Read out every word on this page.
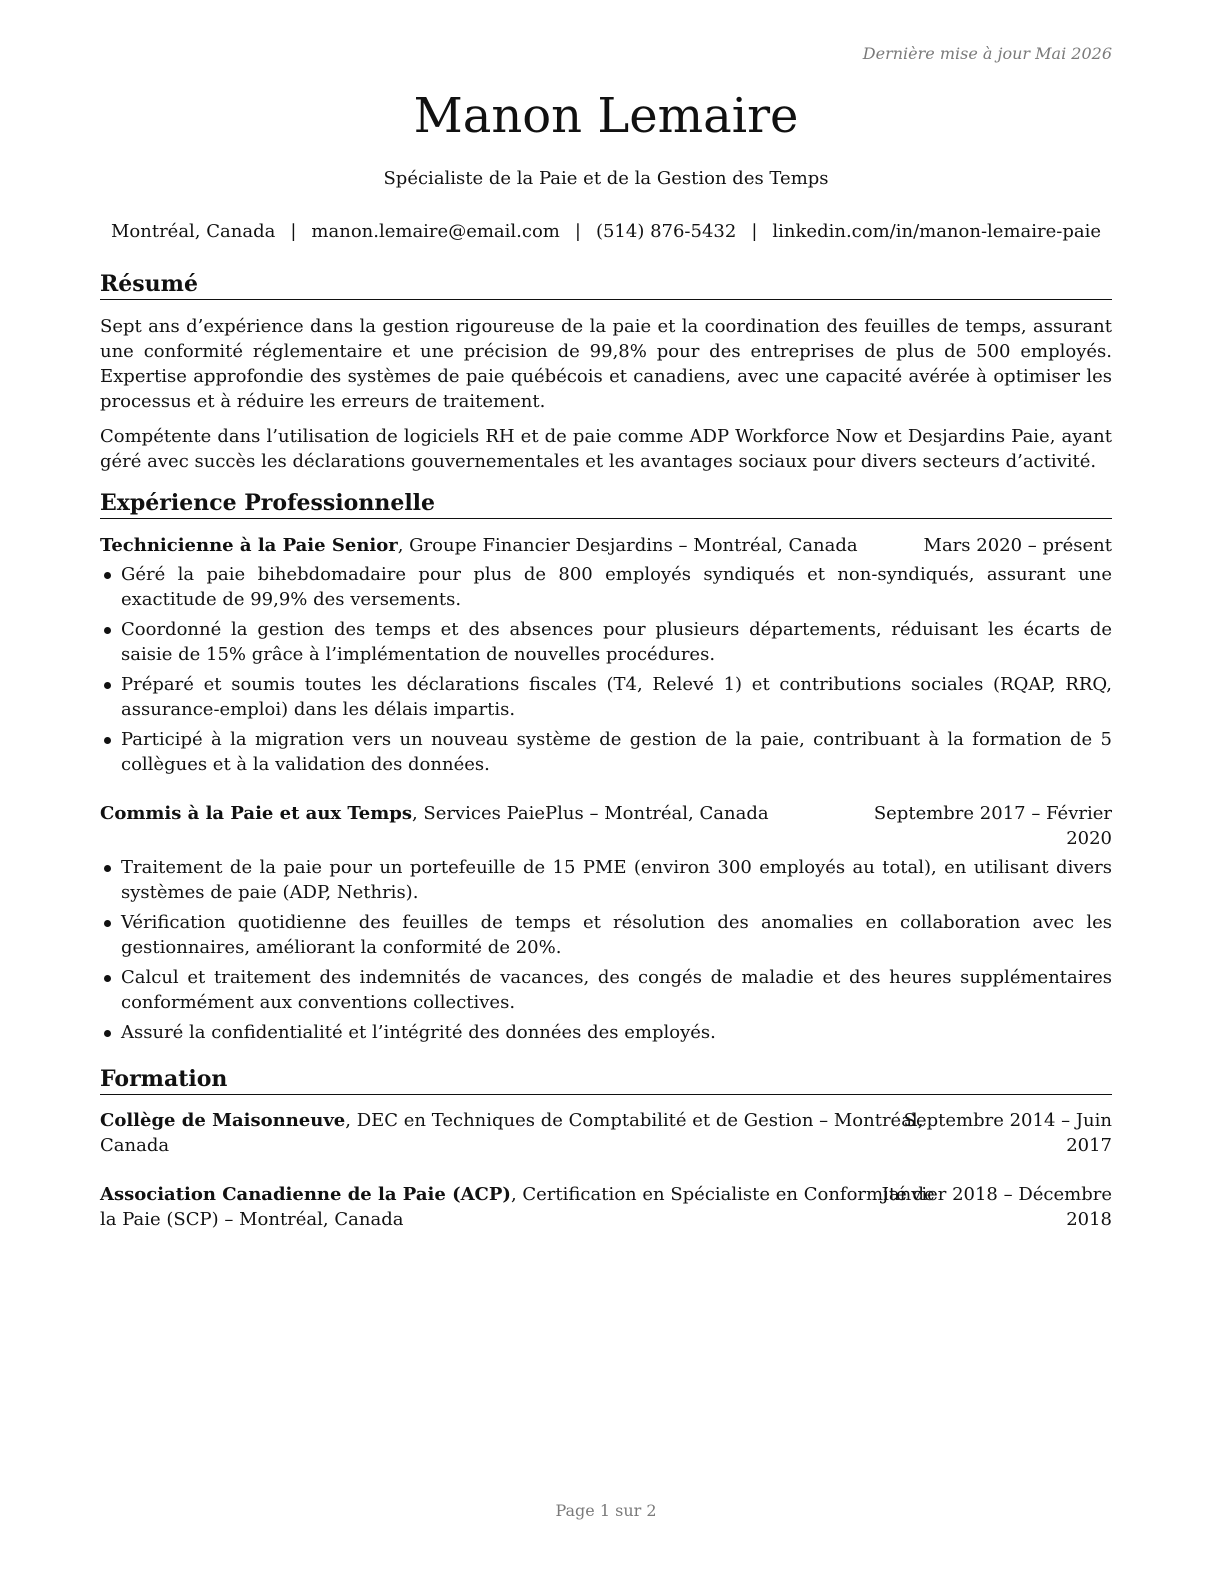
Dernière mise à jour Mai 2026
Manon Lemaire
Spécialiste de la Paie et de la Gestion des Temps
Montréal, Canada | manon.lemaire@email.com | (514) 876-5432 | linkedin.com/in/manon-lemaire-paie
Résumé
Sept ans d’expérience dans la gestion rigoureuse de la paie et la coordination des feuilles de temps, assurant une conformité réglementaire et une précision de 99,8% pour des entreprises de plus de 500 employés. Expertise approfondie des systèmes de paie québécois et canadiens, avec une capacité avérée à optimiser les processus et à réduire les erreurs de traitement.
Compétente dans l’utilisation de logiciels RH et de paie comme ADP Workforce Now et Desjardins Paie, ayant géré avec succès les déclarations gouvernementales et les avantages sociaux pour divers secteurs d’activité.
Expérience Professionnelle
Technicienne à la Paie Senior, Groupe Financier Desjardins – Montréal, Canada	Mars 2020 – présent
Géré la paie bihebdomadaire pour plus de 800 employés syndiqués et non-syndiqués, assurant une exactitude de 99,9% des versements.
Coordonné la gestion des temps et des absences pour plusieurs départements, réduisant les écarts de saisie de 15% grâce à l’implémentation de nouvelles procédures.
Préparé et soumis toutes les déclarations fiscales (T4, Relevé 1) et contributions sociales (RQAP, RRQ, assurance-emploi) dans les délais impartis.
Participé à la migration vers un nouveau système de gestion de la paie, contribuant à la formation de 5 collègues et à la validation des données.
Commis à la Paie et aux Temps, Services PaiePlus – Montréal, Canada	Septembre 2017 – Février
2020
Traitement de la paie pour un portefeuille de 15 PME (environ 300 employés au total), en utilisant divers systèmes de paie (ADP, Nethris).
Vérification quotidienne des feuilles de temps et résolution des anomalies en collaboration avec les gestionnaires, améliorant la conformité de 20%.
Calcul et traitement des indemnités de vacances, des congés de maladie et des heures supplémentaires conformément aux conventions collectives.
Assuré la confidentialité et l’intégrité des données des employés.
Formation
Collège de Maisonneuve, DEC en Techniques de Comptabilité et de Gestion – Montréal,
Canada
Septembre 2014 – Juin
2017
Association Canadienne de la Paie (ACP), Certification en Spécialiste en Conformité de
la Paie (SCP) – Montréal, Canada
Janvier 2018 – Décembre
2018
Page 1 sur 2
